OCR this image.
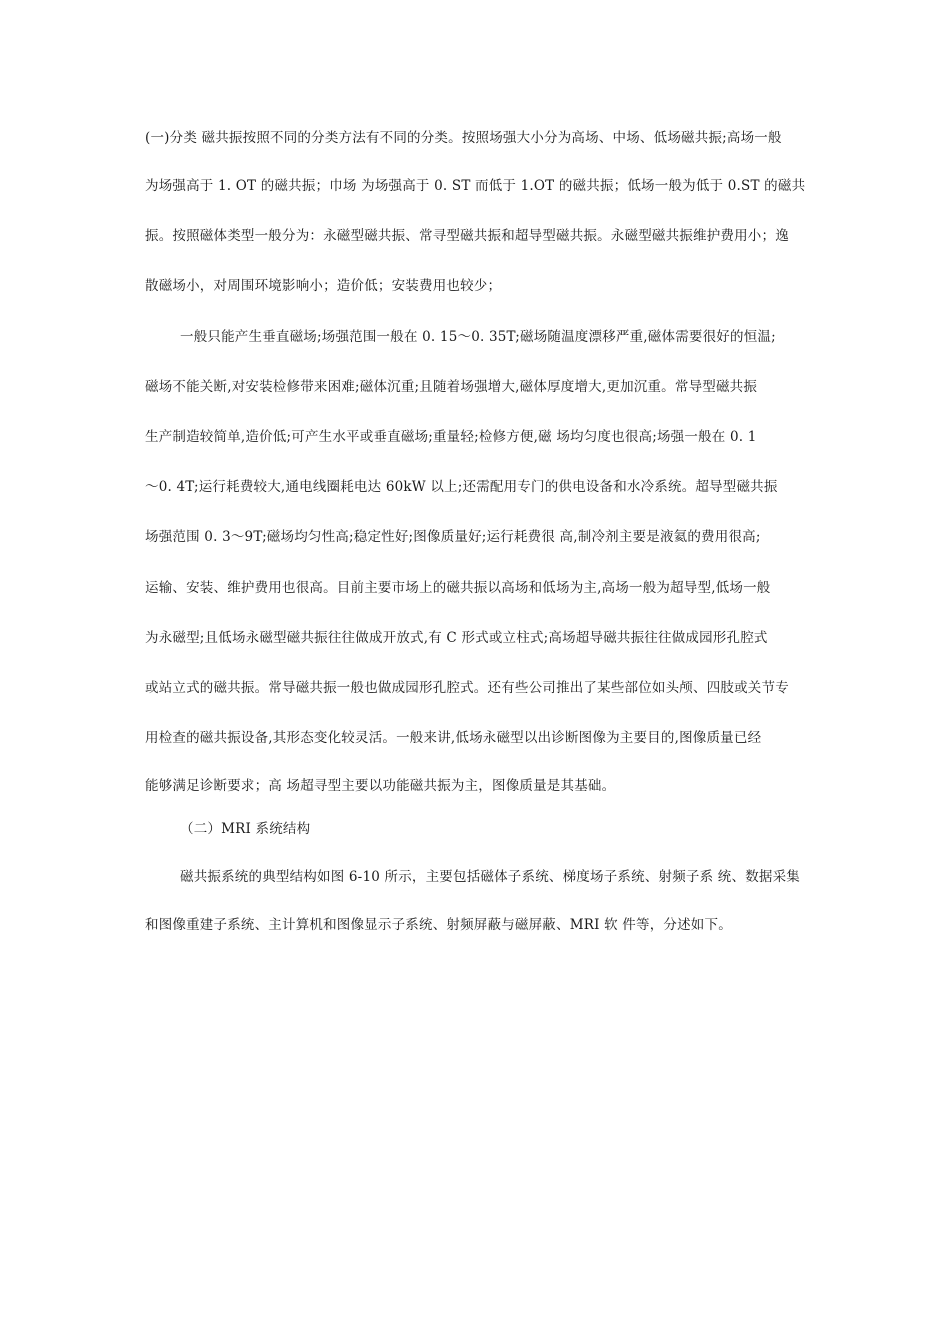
(一)分类 磁共振按照不同的分类方法有不同的分类。按照场强大小分为高场、中场、低场磁共振;高场一般
为场强高于 1. OT 的磁共振；巾场 为场强高于 0. ST 而低于 1.OT 的磁共振；低场一般为低于 0.ST 的磁共
振。按照磁体类型一般分为：永磁型磁共振、常寻型磁共振和超导型磁共振。永磁型磁共振维护费用小；逸
散磁场小，对周围环境影响小；造价低；安装费用也较少；
一般只能产生垂直磁场;场强范围一般在 0. 15～0. 35T;磁场随温度漂移严重,磁体需要很好的恒温;
磁场不能关断,对安装检修带来困难;磁体沉重;且随着场强增大,磁体厚度增大,更加沉重。常导型磁共振
生产制造较简单,造价低;可产生水平或垂直磁场;重量轻;检修方便,磁 场均匀度也很高;场强一般在 0. 1
～0. 4T;运行耗费较大,通电线圈耗电达 60kW 以上;还需配用专门的供电设备和水冷系统。超导型磁共振
场强范围 0. 3～9T;磁场均匀性高;稳定性好;图像质量好;运行耗费很 高,制冷剂主要是液氦的费用很高;
运输、安装、维护费用也很高。目前主要市场上的磁共振以高场和低场为主,高场一般为超导型,低场一般
为永磁型;且低场永磁型磁共振往往做成开放式,有 C 形式或立柱式;高场超导磁共振往往做成园形孔腔式
或站立式的磁共振。常导磁共振一般也做成园形孔腔式。还有些公司推出了某些部位如头颅、四肢或关节专
用检查的磁共振设备,其形态变化较灵活。一般来讲,低场永磁型以出诊断图像为主要目的,图像质量已经
能够满足诊断要求；高 场超寻型主要以功能磁共振为主，图像质量是其基础。
（二）MRI 系统结构
磁共振系统的典型结构如图 6-10 所示，主要包括磁体子系统、梯度场子系统、射频子系 统、数据采集
和图像重建子系统、主计算机和图像显示子系统、射频屏蔽与磁屏蔽、MRI 软 件等，分述如下。
